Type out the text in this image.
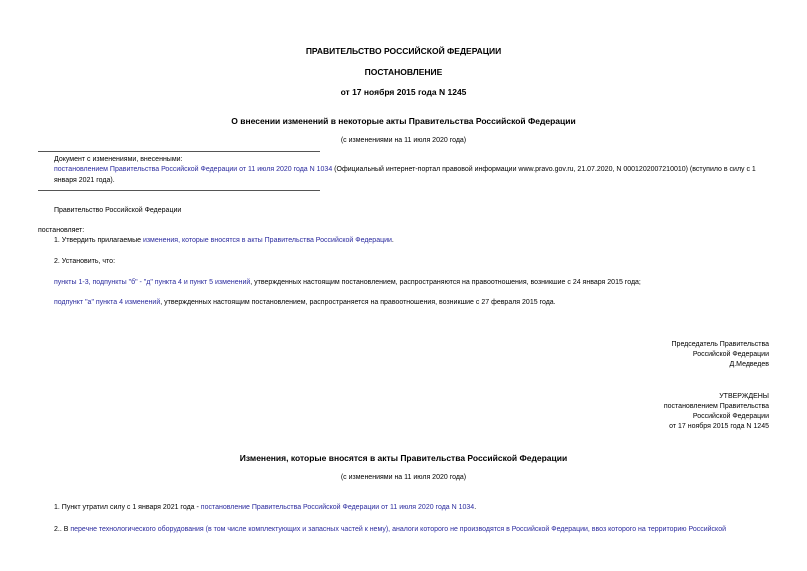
ПРАВИТЕЛЬСТВО РОССИЙСКОЙ ФЕДЕРАЦИИ
ПОСТАНОВЛЕНИЕ
от 17 ноября 2015 года N 1245
О внесении изменений в некоторые акты Правительства Российской Федерации
(с изменениями на 11 июля 2020 года)
Документ с изменениями, внесенными:
постановлением Правительства Российской Федерации от 11 июля 2020 года N 1034 (Официальный интернет-портал правовой информации www.pravo.gov.ru, 21.07.2020, N 0001202007210010) (вступило в силу с 1 января 2021 года).
Правительство Российской Федерации
постановляет:
1. Утвердить прилагаемые изменения, которые вносятся в акты Правительства Российской Федерации.
2. Установить, что:
пункты 1-3, подпункты "б" - "д" пункта 4 и пункт 5 изменений, утвержденных настоящим постановлением, распространяются на правоотношения, возникшие с 24 января 2015 года;
подпункт "а" пункта 4 изменений, утвержденных настоящим постановлением, распространяется на правоотношения, возникшие с 27 февраля 2015 года.
Председатель Правительства
Российской Федерации
Д.Медведев
УТВЕРЖДЕНЫ
постановлением Правительства
Российской Федерации
от 17 ноября 2015 года N 1245
Изменения, которые вносятся в акты Правительства Российской Федерации
(с изменениями на 11 июля 2020 года)
1. Пункт утратил силу с 1 января 2021 года - постановление Правительства Российской Федерации от 11 июля 2020 года N 1034.
2.. В перечне технологического оборудования (в том числе комплектующих и запасных частей к нему), аналоги которого не производятся в Российской Федерации, ввоз которого на территорию Российской
